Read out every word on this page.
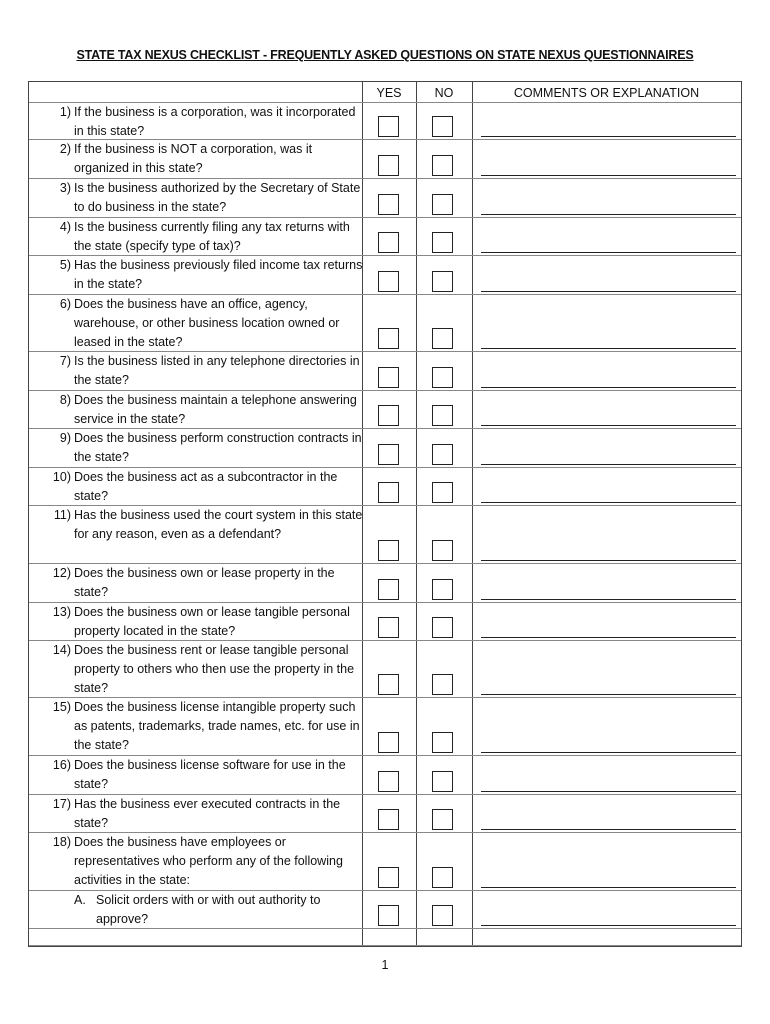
STATE TAX NEXUS CHECKLIST - FREQUENTLY ASKED QUESTIONS ON STATE NEXUS QUESTIONNAIRES
YES	NO	COMMENTS OR EXPLANATION
1) If the business is a corporation, was it incorporated in this state?
2) If the business is NOT a corporation, was it organized in this state?
3) Is the business authorized by the Secretary of State to do business in the state?
4) Is the business currently filing any tax returns with the state (specify type of tax)?
5) Has the business previously filed income tax returns in the state?
6) Does the business have an office, agency, warehouse, or other business location owned or leased in the state?
7) Is the business listed in any telephone directories in the state?
8) Does the business maintain a telephone answering service in the state?
9) Does the business perform construction contracts in the state?
10) Does the business act as a subcontractor in the state?
11) Has the business used the court system in this state for any reason, even as a defendant?
12) Does the business own or lease property in the state?
13) Does the business own or lease tangible personal property located in the state?
14) Does the business rent or lease tangible personal property to others who then use the property in the state?
15) Does the business license intangible property such as patents, trademarks, trade names, etc. for use in the state?
16) Does the business license software for use in the state?
17) Has the business ever executed contracts in the state?
18) Does the business have employees or representatives who perform any of the following activities in the state:
A. Solicit orders with or with out authority to approve?
1
